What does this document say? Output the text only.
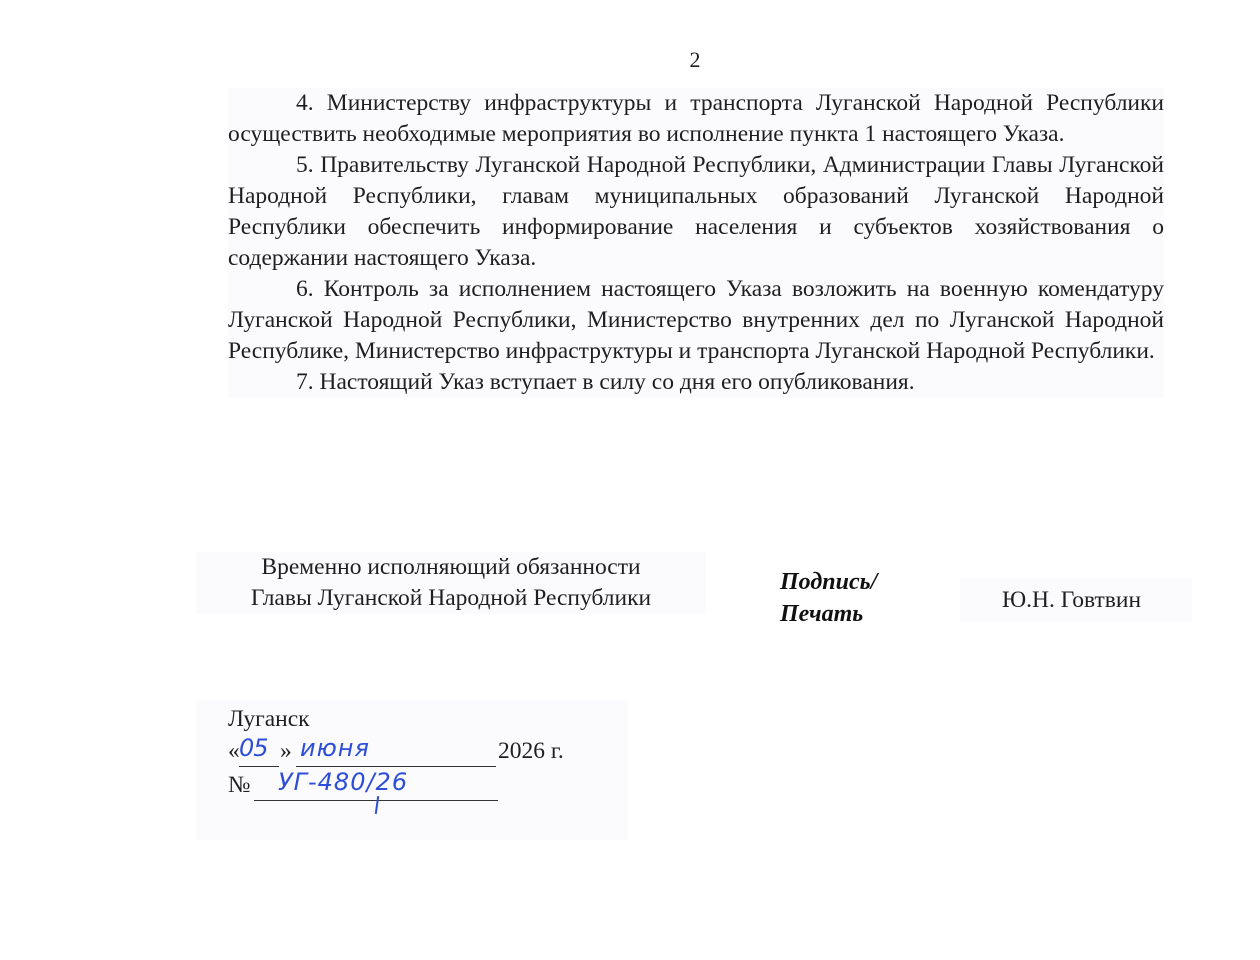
2

4. Министерству инфраструктуры и транспорта Луганской Народной Республики осуществить необходимые мероприятия во исполнение пункта 1 настоящего Указа.

5. Правительству Луганской Народной Республики, Администрации Главы Луганской Народной Республики, главам муниципальных образований Луганской Народной Республики обеспечить информирование населения и субъектов хозяйствования о содержании настоящего Указа.

6. Контроль за исполнением настоящего Указа возложить на военную комендатуру Луганской Народной Республики, Министерство внутренних дел по Луганской Народной Республике, Министерство инфраструктуры и транспорта Луганской Народной Республики.

7. Настоящий Указ вступает в силу со дня его опубликования.

Временно исполняющий обязанности
Главы Луганской Народной Республики
Подпись/
Печать
Ю.Н. Говтвин
Луганск
« 05 » июня	2026 г.
№ УГ-480/26
